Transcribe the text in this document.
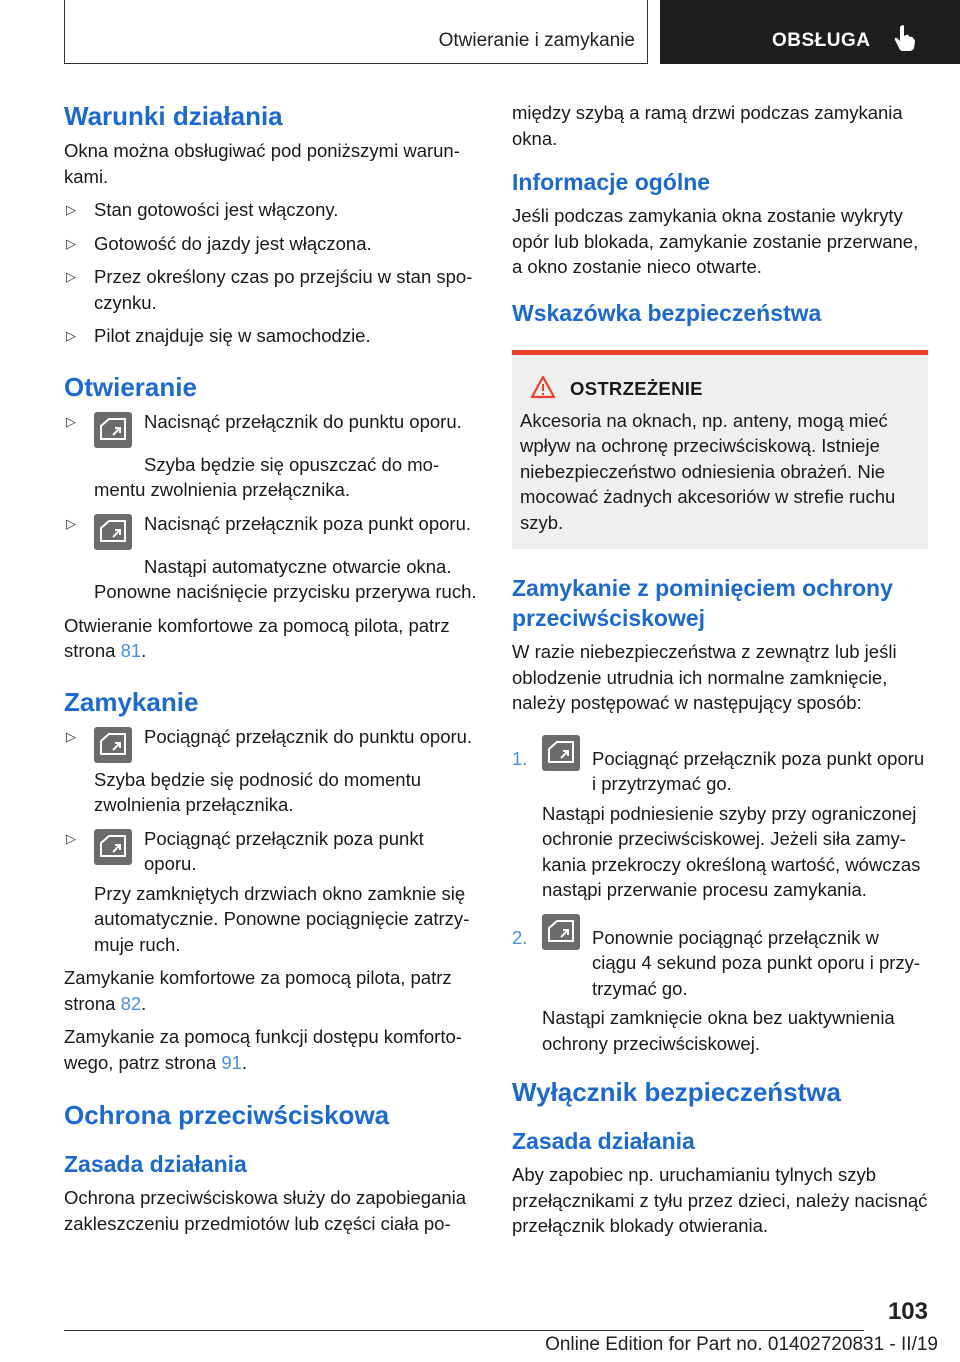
Otwieranie i zamykanie	OBSŁUGA
Warunki działania

Okna można obsługiwać pod poniższymi warunkami.

▷ Stan gotowości jest włączony.
▷ Gotowość do jazdy jest włączona.
▷ Przez określony czas po przejściu w stan spoczynku.
▷ Pilot znajduje się w samochodzie.
Otwieranie
▷	Nacisnąć przełącznik do punktu oporu.

Szyba będzie się opuszczać do momentu zwolnienia przełącznika.

▷	Nacisnąć przełącznik poza punkt oporu.

Nastąpi automatyczne otwarcie okna. Ponowne naciśnięcie przycisku przerywa ruch.

Otwieranie komfortowe za pomocą pilota, patrz strona 81.

Zamykanie
▷	Pociągnąć przełącznik do punktu oporu.

Szyba będzie się podnosić do momentu zwolnienia przełącznika.

▷	Pociągnąć przełącznik poza punkt oporu.

Przy zamkniętych drzwiach okno zamknie się automatycznie. Ponowne pociągnięcie zatrzymuje ruch.

Zamykanie komfortowe za pomocą pilota, patrz strona 82.

Zamykanie za pomocą funkcji dostępu komfortowego, patrz strona 91.

Ochrona przeciwściskowa
Zasada działania

Ochrona przeciwściskowa służy do zapobiegania zakleszczeniu przedmiotów lub części ciała po-

między szybą a ramą drzwi podczas zamykania okna.

Informacje ogólne

Jeśli podczas zamykania okna zostanie wykryty opór lub blokada, zamykanie zostanie przerwane, a okno zostanie nieco otwarte.

Wskazówka bezpieczeństwa
OSTRZEŻENIE

Akcesoria na oknach, np. anteny, mogą mieć wpływ na ochronę przeciwściskową. Istnieje niebezpieczeństwo odniesienia obrażeń. Nie mocować żadnych akcesoriów w strefie ruchu szyb.

Zamykanie z pominięciem ochrony przeciwściskowej

W razie niebezpieczeństwa z zewnątrz lub jeśli oblodzenie utrudnia ich normalne zamknięcie, należy postępować w następujący sposób:

1.	Pociągnąć przełącznik poza punkt oporu i przytrzymać go.

Nastąpi podniesienie szyby przy ograniczonej ochronie przeciwściskowej. Jeżeli siła zamykania przekroczy określoną wartość, wówczas nastąpi przerwanie procesu zamykania.

2.	Ponownie pociągnąć przełącznik w ciągu 4 sekund poza punkt oporu i przytrzymać go.

Nastąpi zamknięcie okna bez uaktywnienia ochrony przeciwściskowej.

Wyłącznik bezpieczeństwa
Zasada działania

Aby zapobiec np. uruchamianiu tylnych szyb przełącznikami z tyłu przez dzieci, należy nacisnąć przełącznik blokady otwierania.

103
Online Edition for Part no. 01402720831 - II/19
